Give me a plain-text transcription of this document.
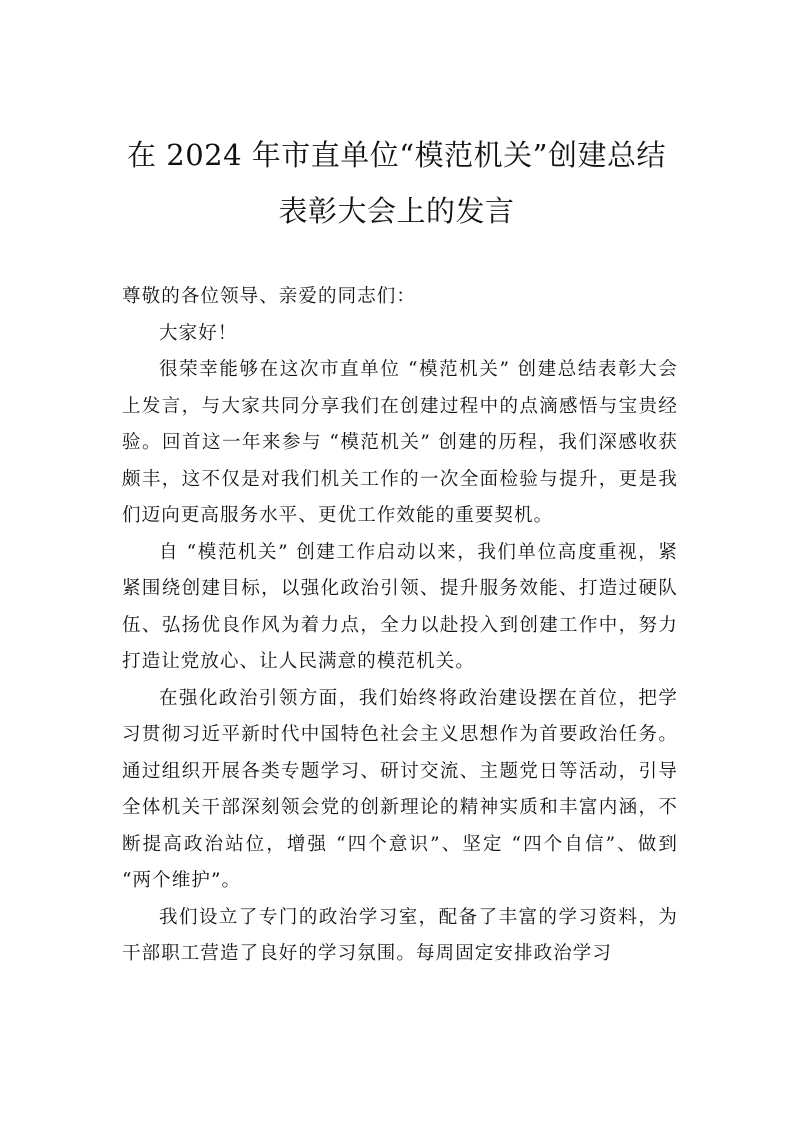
在 2024 年市直单位“模范机关”创建总结
表彰大会上的发言

尊敬的各位领导、亲爱的同志们：

大家好！

很荣幸能够在这次市直单位 “模范机关” 创建总结表彰大会上发言，与大家共同分享我们在创建过程中的点滴感悟与宝贵经验。回首这一年来参与 “模范机关” 创建的历程，我们深感收获颇丰，这不仅是对我们机关工作的一次全面检验与提升，更是我们迈向更高服务水平、更优工作效能的重要契机。

自 “模范机关” 创建工作启动以来，我们单位高度重视，紧紧围绕创建目标，以强化政治引领、提升服务效能、打造过硬队伍、弘扬优良作风为着力点，全力以赴投入到创建工作中，努力打造让党放心、让人民满意的模范机关。

在强化政治引领方面，我们始终将政治建设摆在首位，把学习贯彻习近平新时代中国特色社会主义思想作为首要政治任务。通过组织开展各类专题学习、研讨交流、主题党日等活动，引导全体机关干部深刻领会党的创新理论的精神实质和丰富内涵，不断提高政治站位，增强 “四个意识”、坚定 “四个自信”、做到 “两个维护”。

我们设立了专门的政治学习室，配备了丰富的学习资料，为干部职工营造了良好的学习氛围。每周固定安排政治学习
